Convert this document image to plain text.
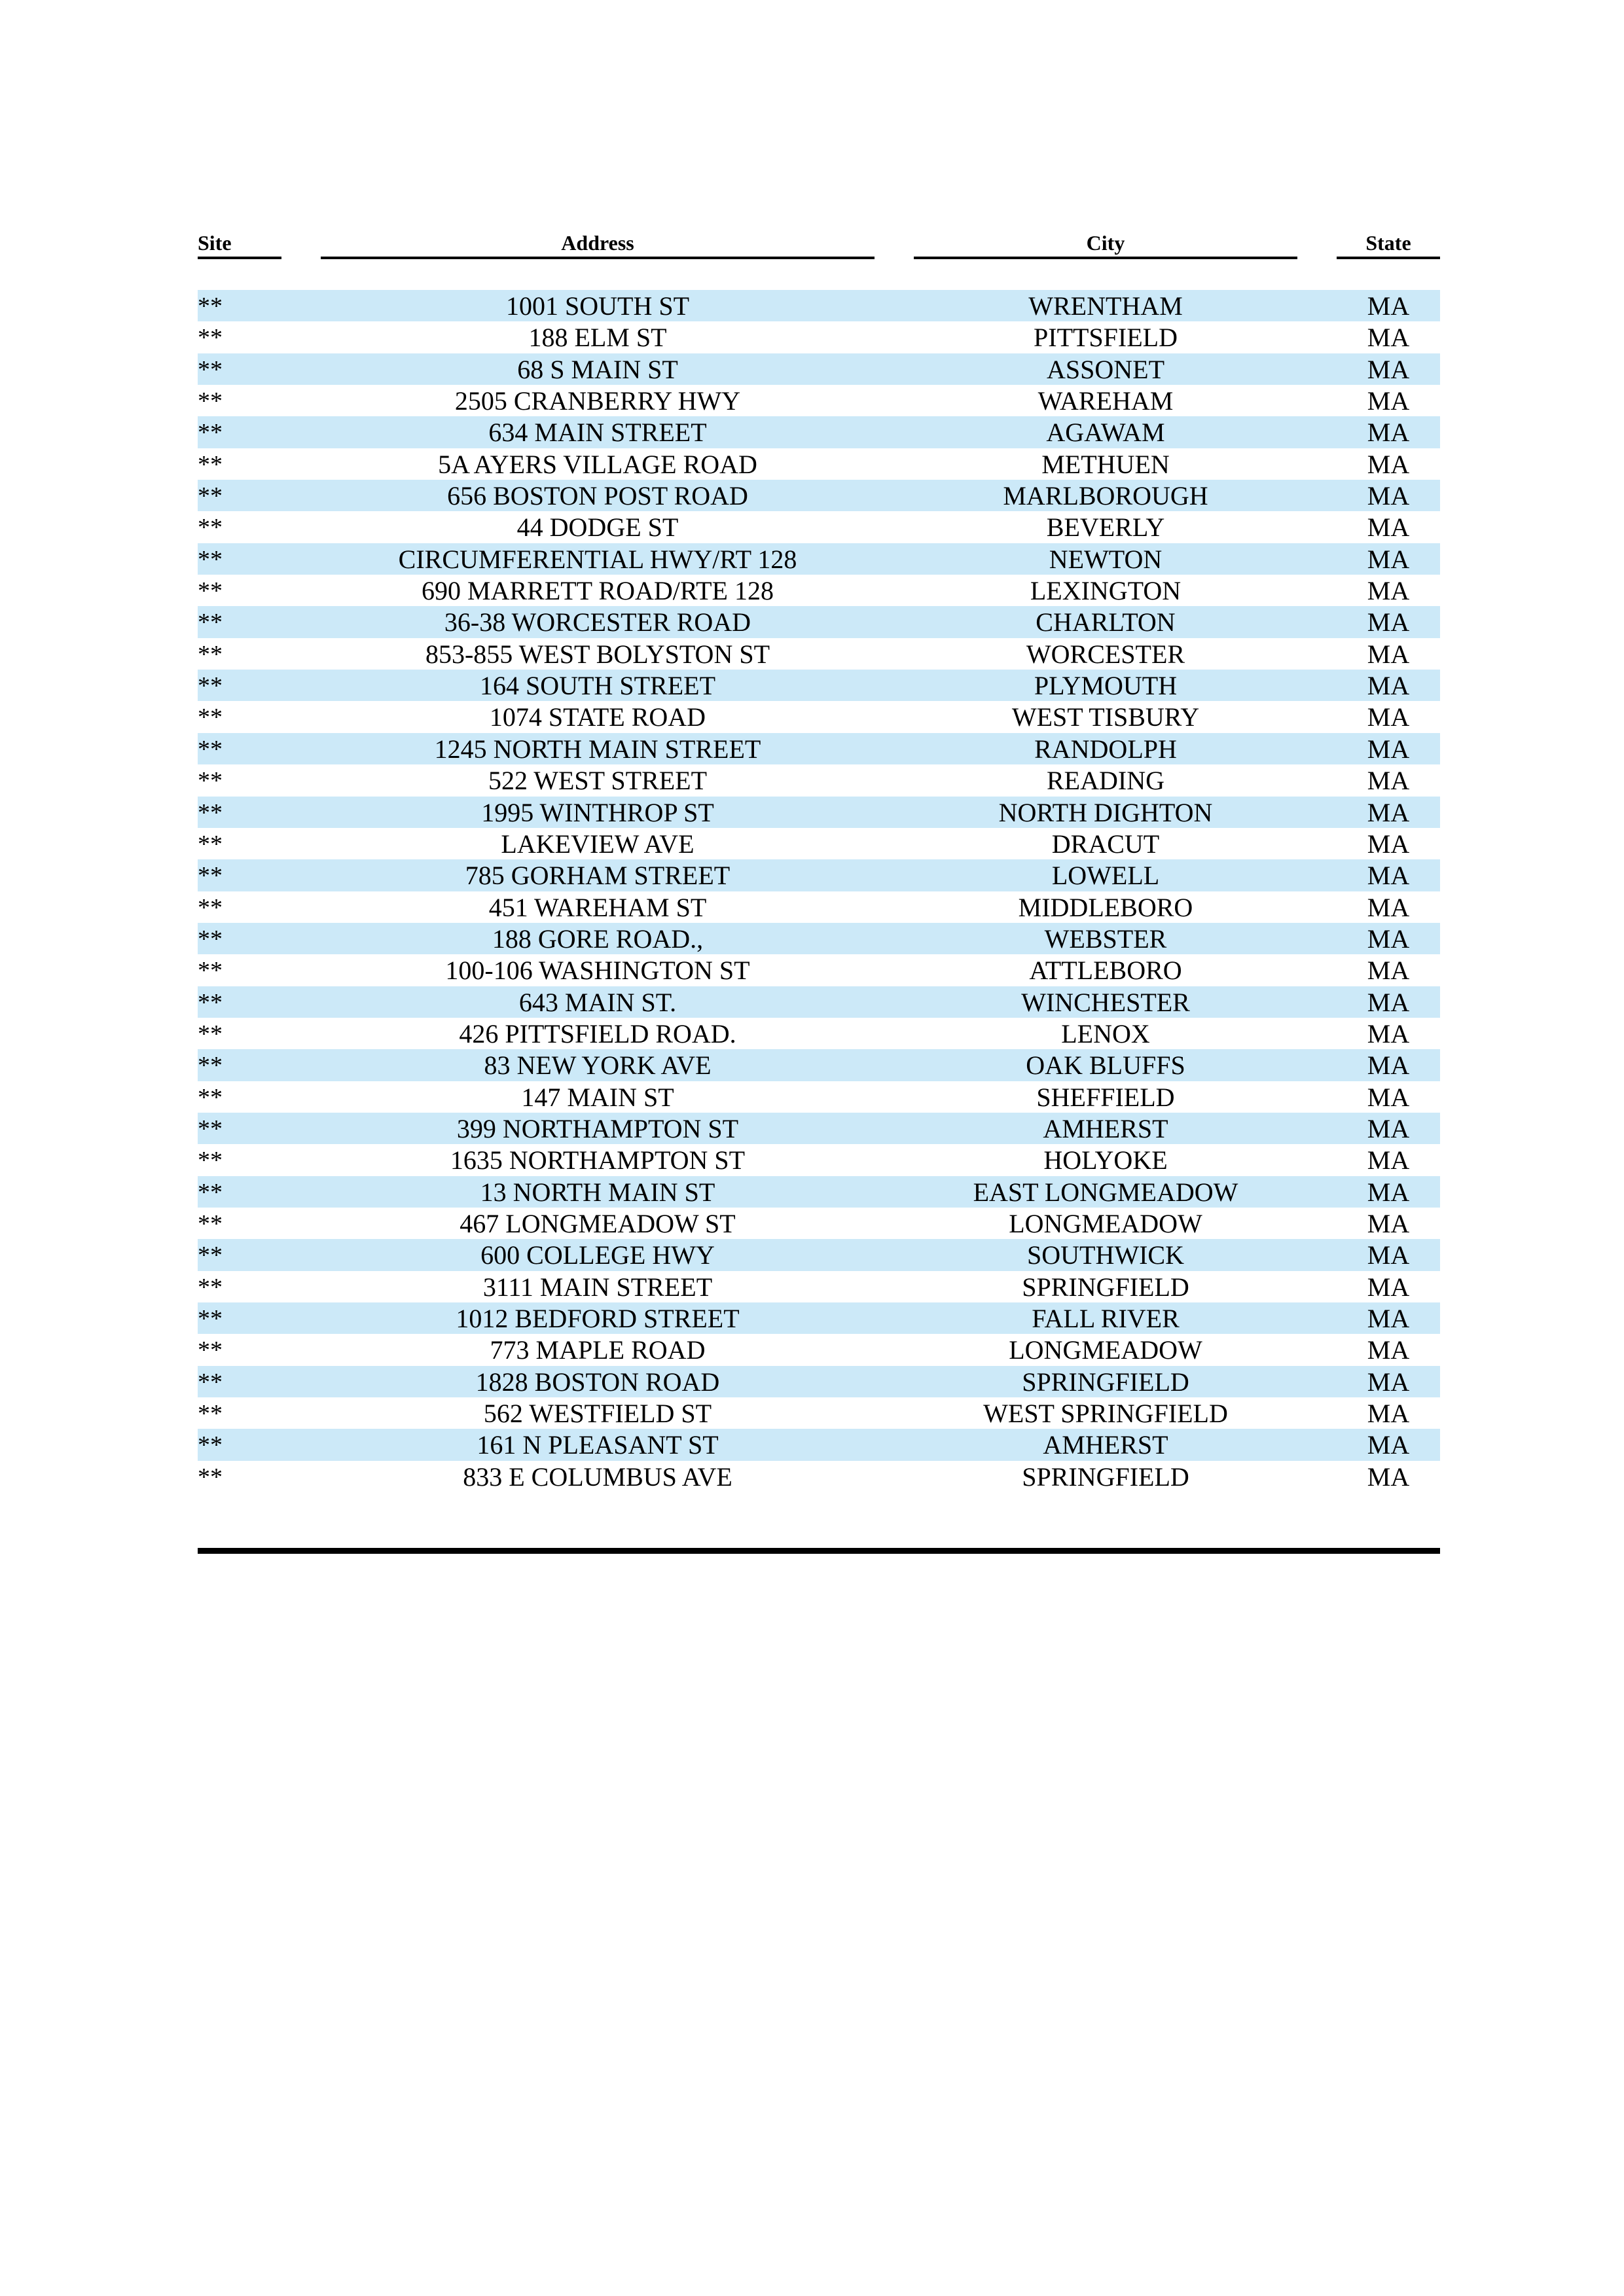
Site	Address	City	State
**	1001 SOUTH ST	WRENTHAM	MA
**	188 ELM ST	PITTSFIELD	MA
**	68 S MAIN ST	ASSONET	MA
**	2505 CRANBERRY HWY	WAREHAM	MA
**	634 MAIN STREET	AGAWAM	MA
**	5A AYERS VILLAGE ROAD	METHUEN	MA
**	656 BOSTON POST ROAD	MARLBOROUGH	MA
**	44 DODGE ST	BEVERLY	MA
**	CIRCUMFERENTIAL HWY/RT 128	NEWTON	MA
**	690 MARRETT ROAD/RTE 128	LEXINGTON	MA
**	36-38 WORCESTER ROAD	CHARLTON	MA
**	853-855 WEST BOLYSTON ST	WORCESTER	MA
**	164 SOUTH STREET	PLYMOUTH	MA
**	1074 STATE ROAD	WEST TISBURY	MA
**	1245 NORTH MAIN STREET	RANDOLPH	MA
**	522 WEST STREET	READING	MA
**	1995 WINTHROP ST	NORTH DIGHTON	MA
**	LAKEVIEW AVE	DRACUT	MA
**	785 GORHAM STREET	LOWELL	MA
**	451 WAREHAM ST	MIDDLEBORO	MA
**	188 GORE ROAD.,	WEBSTER	MA
**	100-106 WASHINGTON ST	ATTLEBORO	MA
**	643 MAIN ST.	WINCHESTER	MA
**	426 PITTSFIELD ROAD.	LENOX	MA
**	83 NEW YORK AVE	OAK BLUFFS	MA
**	147 MAIN ST	SHEFFIELD	MA
**	399 NORTHAMPTON ST	AMHERST	MA
**	1635 NORTHAMPTON ST	HOLYOKE	MA
**	13 NORTH MAIN ST	EAST LONGMEADOW	MA
**	467 LONGMEADOW ST	LONGMEADOW	MA
**	600 COLLEGE HWY	SOUTHWICK	MA
**	3111 MAIN STREET	SPRINGFIELD	MA
**	1012 BEDFORD STREET	FALL RIVER	MA
**	773 MAPLE ROAD	LONGMEADOW	MA
**	1828 BOSTON ROAD	SPRINGFIELD	MA
**	562 WESTFIELD ST	WEST SPRINGFIELD	MA
**	161 N PLEASANT ST	AMHERST	MA
**	833 E COLUMBUS AVE	SPRINGFIELD	MA
